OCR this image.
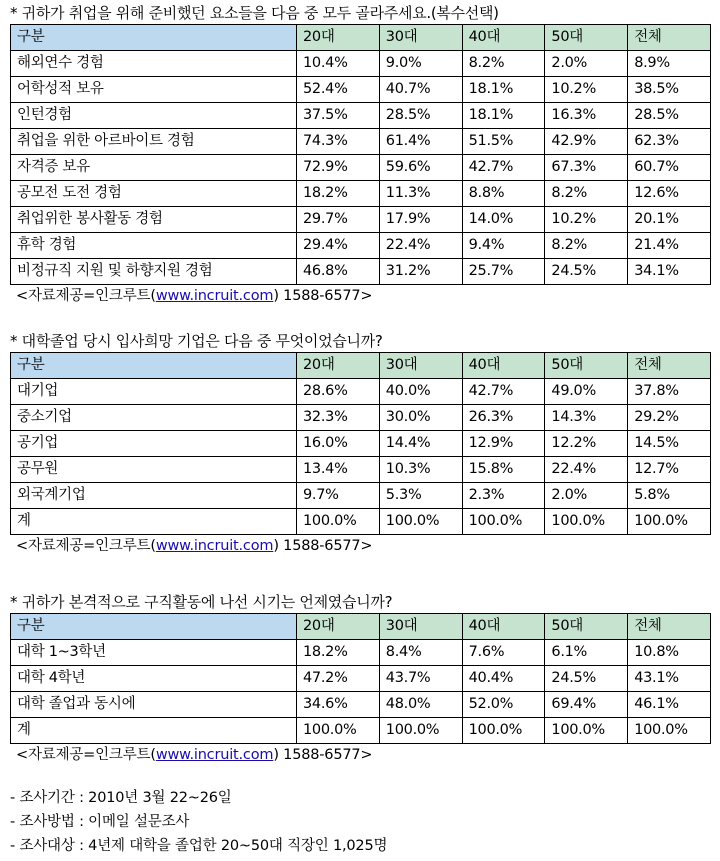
* 귀하가 취업을 위해 준비했던 요소들을 다음 중 모두 골라주세요.(복수선택)
구분	20대	30대	40대	50대	전체
해외연수 경험	10.4%	9.0%	8.2%	2.0%	8.9%
어학성적 보유	52.4%	40.7%	18.1%	10.2%	38.5%
인턴경험	37.5%	28.5%	18.1%	16.3%	28.5%
취업을 위한 아르바이트 경험	74.3%	61.4%	51.5%	42.9%	62.3%
자격증 보유	72.9%	59.6%	42.7%	67.3%	60.7%
공모전 도전 경험	18.2%	11.3%	8.8%	8.2%	12.6%
취업위한 봉사활동 경험	29.7%	17.9%	14.0%	10.2%	20.1%
휴학 경험	29.4%	22.4%	9.4%	8.2%	21.4%
비정규직 지원 및 하향지원 경험	46.8%	31.2%	25.7%	24.5%	34.1%
<자료제공=인크루트(www.incruit.com) 1588-6577>
* 대학졸업 당시 입사희망 기업은 다음 중 무엇이었습니까?
구분	20대	30대	40대	50대	전체
대기업	28.6%	40.0%	42.7%	49.0%	37.8%
중소기업	32.3%	30.0%	26.3%	14.3%	29.2%
공기업	16.0%	14.4%	12.9%	12.2%	14.5%
공무원	13.4%	10.3%	15.8%	22.4%	12.7%
외국계기업	9.7%	5.3%	2.3%	2.0%	5.8%
계	100.0%	100.0%	100.0%	100.0%	100.0%
<자료제공=인크루트(www.incruit.com) 1588-6577>
* 귀하가 본격적으로 구직활동에 나선 시기는 언제였습니까?
구분	20대	30대	40대	50대	전체
대학 1~3학년	18.2%	8.4%	7.6%	6.1%	10.8%
대학 4학년	47.2%	43.7%	40.4%	24.5%	43.1%
대학 졸업과 동시에	34.6%	48.0%	52.0%	69.4%	46.1%
계	100.0%	100.0%	100.0%	100.0%	100.0%
<자료제공=인크루트(www.incruit.com) 1588-6577>
- 조사기간 : 2010년 3월 22~26일
- 조사방법 : 이메일 설문조사
- 조사대상 : 4년제 대학을 졸업한 20~50대 직장인 1,025명
